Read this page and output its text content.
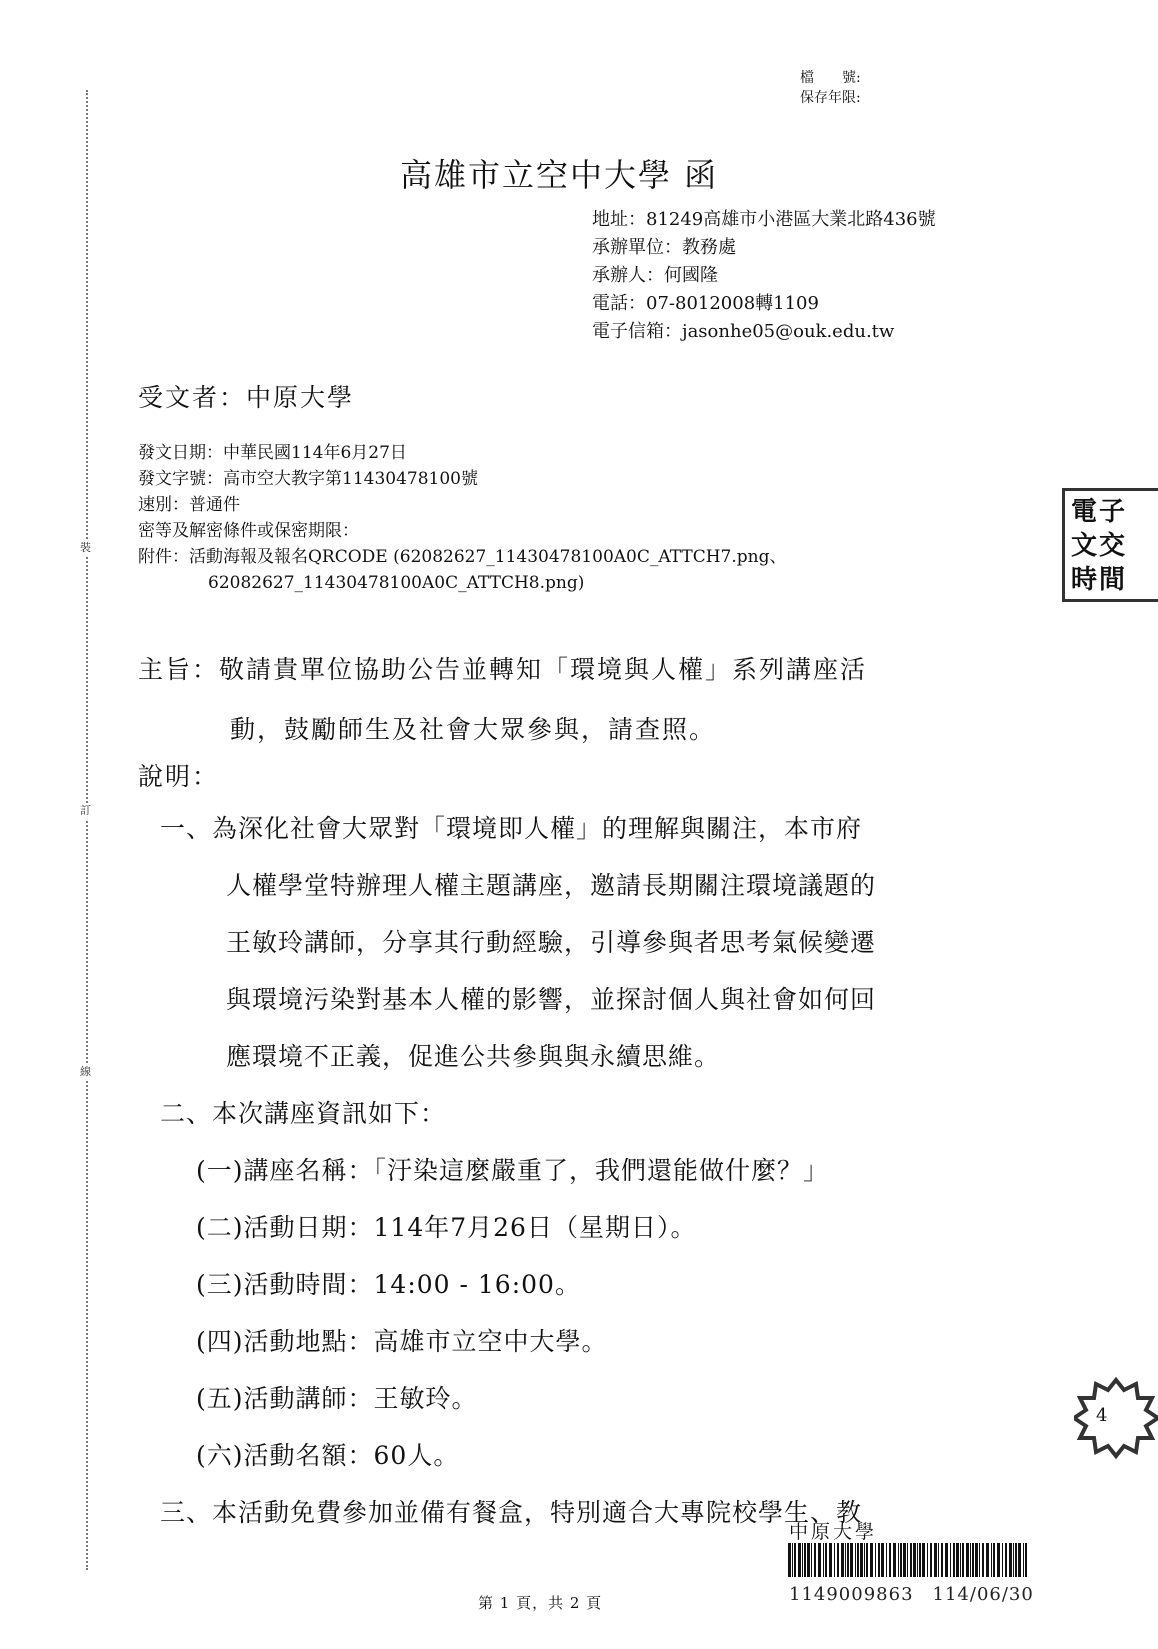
裝
訂
線
檔　　號:
保存年限:
高雄市立空中大學 函
地址：81249高雄市小港區大業北路436號
承辦單位：教務處
承辦人：何國隆
電話：07-8012008轉1109
電子信箱：jasonhe05@ouk.edu.tw
受文者：中原大學
發文日期：中華民國114年6月27日
發文字號：高市空大教字第11430478100號
速別：普通件
密等及解密條件或保密期限：
附件：活動海報及報名QRCODE (62082627_11430478100A0C_ATTCH7.png、
62082627_11430478100A0C_ATTCH8.png)
主旨：敬請貴單位協助公告並轉知「環境與人權」系列講座活
動，鼓勵師生及社會大眾參與，請查照。
說明：
一、為深化社會大眾對「環境即人權」的理解與關注，本市府
人權學堂特辦理人權主題講座，邀請長期關注環境議題的
王敏玲講師，分享其行動經驗，引導參與者思考氣候變遷
與環境污染對基本人權的影響，並探討個人與社會如何回
應環境不正義，促進公共參與與永續思維。
二、本次講座資訊如下：
(一)講座名稱：「汙染這麼嚴重了，我們還能做什麼？」
(二)活動日期：114年7月26日（星期日）。
(三)活動時間：14:00 - 16:00。
(四)活動地點：高雄市立空中大學。
(五)活動講師：王敏玲。
(六)活動名額：60人。
三、本活動免費參加並備有餐盒，特別適合大專院校學生、教
電子
文交
時間
4
中原大學
1149009863　114/06/30
第 1 頁，共 2 頁
